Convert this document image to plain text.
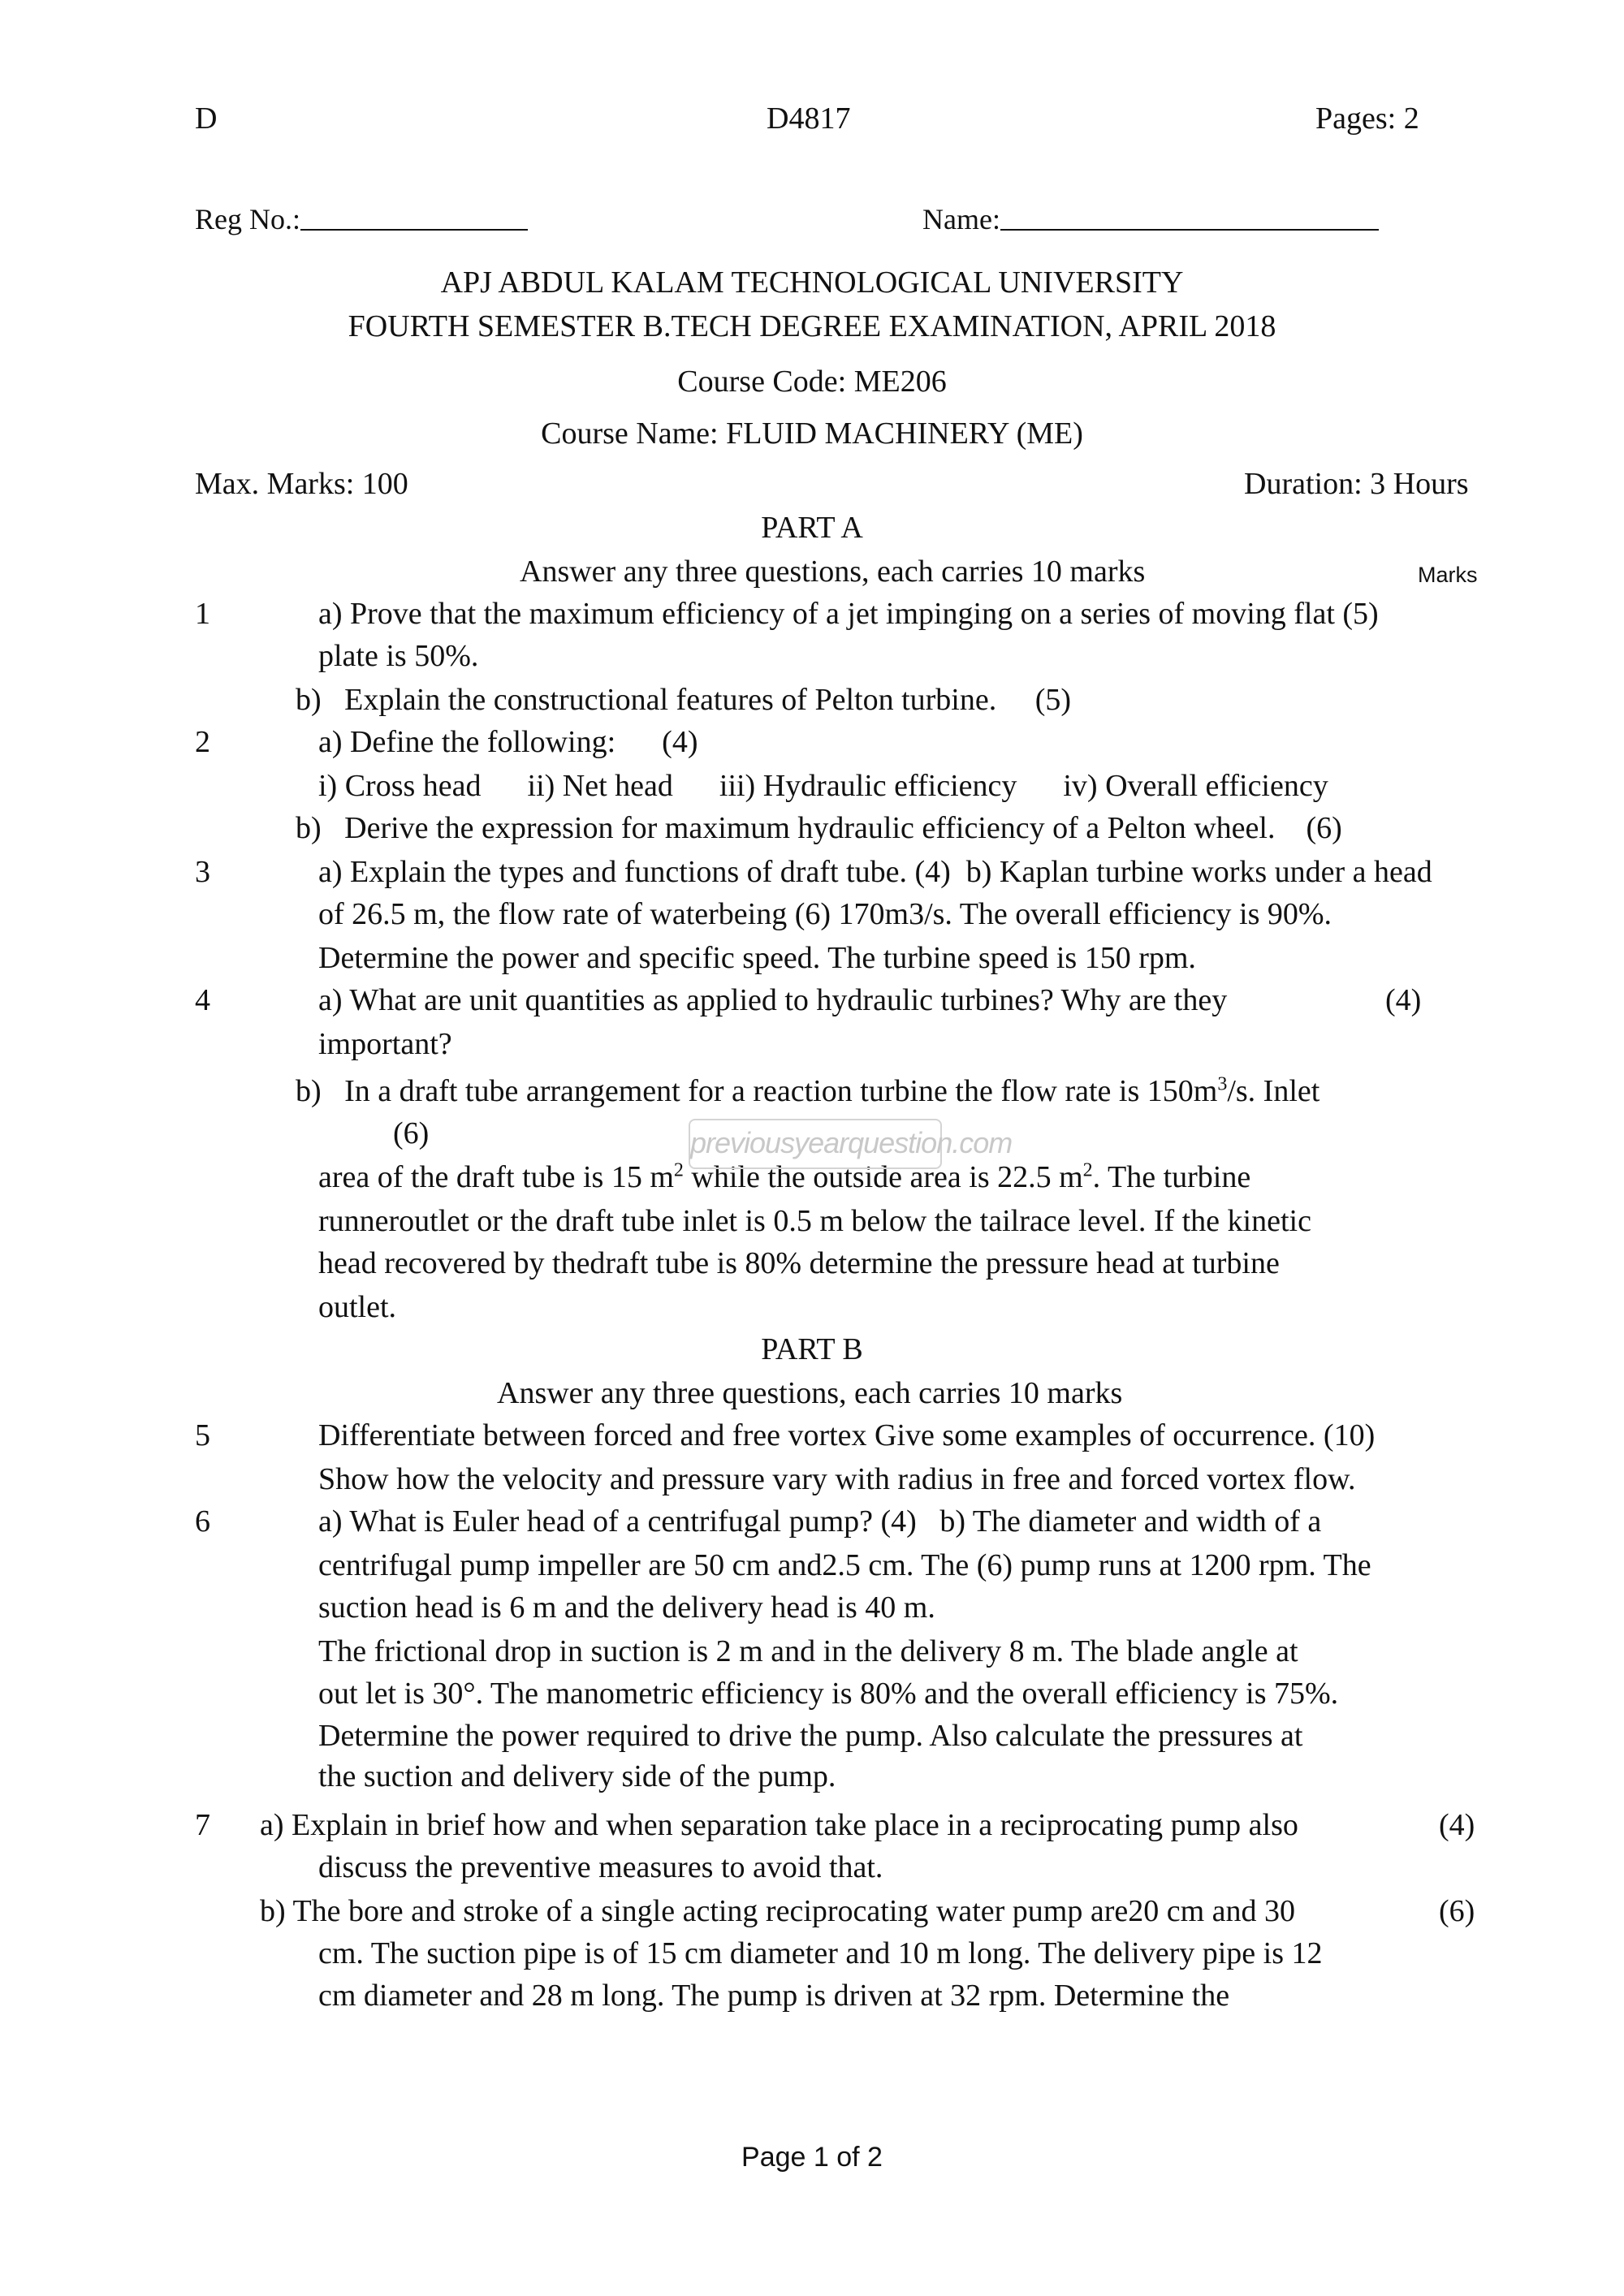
D	D4817	Pages: 2
Reg No.:	Name:
APJ ABDUL KALAM TECHNOLOGICAL UNIVERSITY
FOURTH SEMESTER B.TECH DEGREE EXAMINATION, APRIL 2018
Course Code: ME206
Course Name: FLUID MACHINERY (ME)
Max. Marks: 100	Duration: 3 Hours
PART A
Answer any three questions, each carries 10 marks	Marks
1	a) Prove that the maximum efficiency of a jet impinging on a series of moving flat (5)
plate is 50%.
b)   Explain the constructional features of Pelton turbine.     (5)
2	a) Define the following:      (4)
i) Cross head      ii) Net head      iii) Hydraulic efficiency      iv) Overall efficiency
b)   Derive the expression for maximum hydraulic efficiency of a Pelton wheel.    (6)
3	a) Explain the types and functions of draft tube. (4)  b) Kaplan turbine works under a head
of 26.5 m, the flow rate of waterbeing (6) 170m3/s. The overall efficiency is 90%.
Determine the power and specific speed. The turbine speed is 150 rpm.
4	a) What are unit quantities as applied to hydraulic turbines? Why are they	(4)
important?
b)   In a draft tube arrangement for a reaction turbine the flow rate is $150m^3/s$. Inlet
(6)
area of the draft tube is 15 $m^2$ while the outside area is 22.5 $m^2$. The turbine
runneroutlet or the draft tube inlet is 0.5 m below the tailrace level. If the kinetic
head recovered by thedraft tube is 80% determine the pressure head at turbine
outlet.
PART B
Answer any three questions, each carries 10 marks
5	Differentiate between forced and free vortex Give some examples of occurrence. (10)
Show how the velocity and pressure vary with radius in free and forced vortex flow.
6	a) What is Euler head of a centrifugal pump? (4)   b) The diameter and width of a
centrifugal pump impeller are 50 cm and2.5 cm. The (6) pump runs at 1200 rpm. The
suction head is 6 m and the delivery head is 40 m.
The frictional drop in suction is 2 m and in the delivery 8 m. The blade angle at
out let is 30°. The manometric efficiency is 80% and the overall efficiency is 75%.
Determine the power required to drive the pump. Also calculate the pressures at
the suction and delivery side of the pump.
7 a) Explain in brief how and when separation take place in a reciprocating pump also	(4)
discuss the preventive measures to avoid that.
b) The bore and stroke of a single acting reciprocating water pump are20 cm and 30	(6)
cm. The suction pipe is of 15 cm diameter and 10 m long. The delivery pipe is 12
cm diameter and 28 m long. The pump is driven at 32 rpm. Determine the
previousyearquestion.com
Page 1 of 2
